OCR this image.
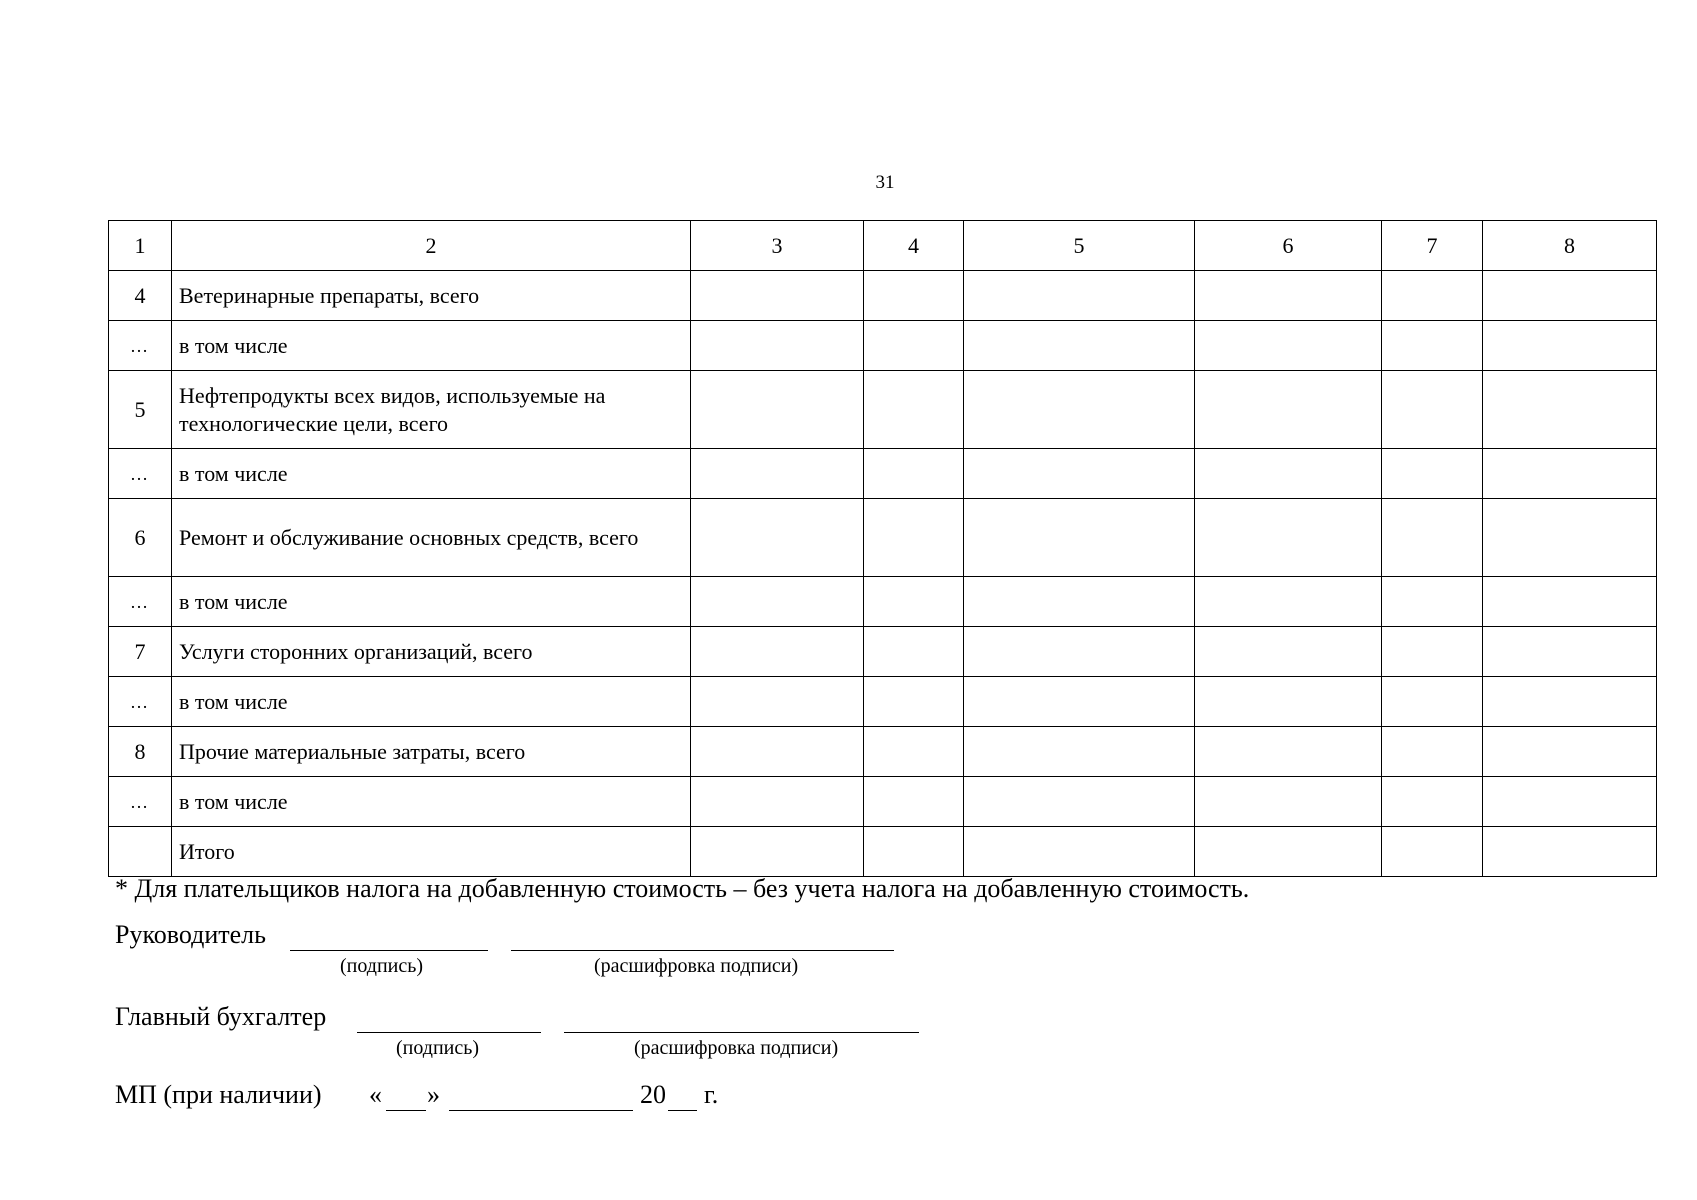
31
1	2	3	4	5	6	7	8
4	Ветеринарные препараты, всего						
…	в том числе						
5	Нефтепродукты всех видов, используемые на технологические цели, всего						
…	в том числе						
6	Ремонт и обслуживание основных средств, всего						
…	в том числе						
7	Услуги сторонних организаций, всего						
…	в том числе						
8	Прочие материальные затраты, всего						
…	в том числе						
	Итого						
* Для плательщиков налога на добавленную стоимость – без учета налога на добавленную стоимость.
Руководитель
(подпись)	(расшифровка подписи)
Главный бухгалтер
(подпись)	(расшифровка подписи)
МП (при наличии) « »	20 г.
